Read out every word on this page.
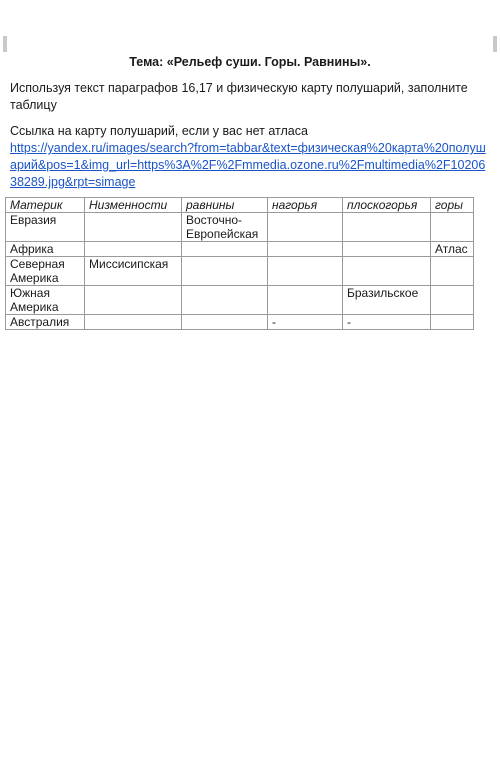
Тема: «Рельеф суши. Горы. Равнины».
Используя текст параграфов 16,17 и физическую карту полушарий, заполните таблицу
Ссылка на карту полушарий, если у вас нет атласа
https://yandex.ru/images/search?from=tabbar&text=физическая%20карта%20полушарий&pos=1&img_url=https%3A%2F%2Fmmedia.ozone.ru%2Fmultimedia%2F1020638289.jpg&rpt=simage
Материк	Низменности	равнины	нагорья	плоскогорья	горы
Евразия		Восточно-Европейская			
Африка					Атлас
Северная Америка	Миссисипская				
Южная Америка				Бразильское	
Австралия			-	-	
